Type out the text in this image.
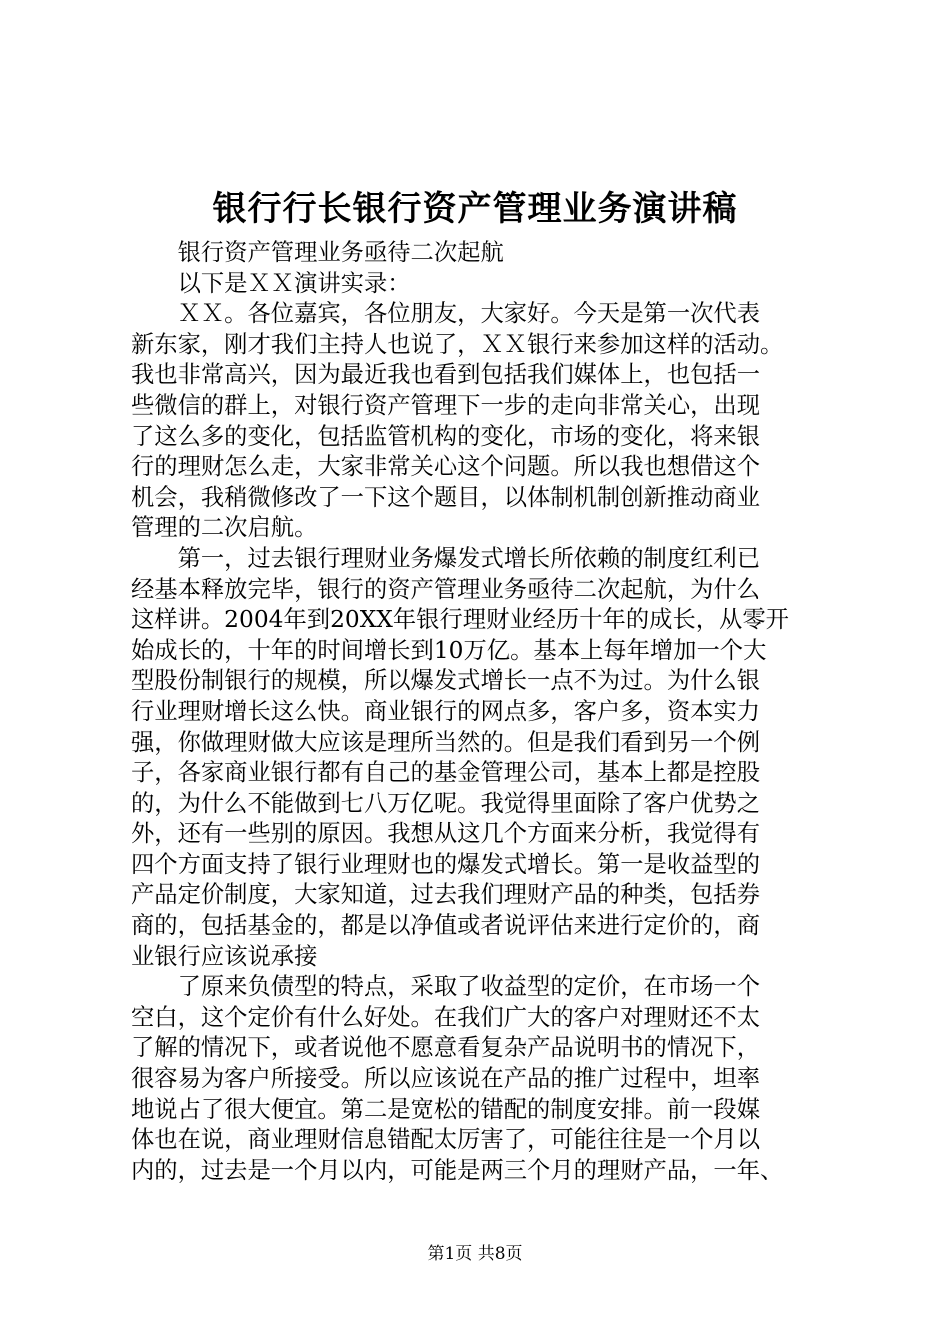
银行行长银行资产管理业务演讲稿
　　银行资产管理业务亟待二次起航
　　以下是ＸＸ演讲实录：
　　ＸＸ。各位嘉宾，各位朋友，大家好。今天是第一次代表
新东家，刚才我们主持人也说了，ＸＸ银行来参加这样的活动。
我也非常高兴，因为最近我也看到包括我们媒体上，也包括一
些微信的群上，对银行资产管理下一步的走向非常关心，出现
了这么多的变化，包括监管机构的变化，市场的变化，将来银
行的理财怎么走，大家非常关心这个问题。所以我也想借这个
机会，我稍微修改了一下这个题目，以体制机制创新推动商业
管理的二次启航。
　　第一，过去银行理财业务爆发式增长所依赖的制度红利已
经基本释放完毕，银行的资产管理业务亟待二次起航，为什么
这样讲。2004年到20XX年银行理财业经历十年的成长，从零开
始成长的，十年的时间增长到10万亿。基本上每年增加一个大
型股份制银行的规模，所以爆发式增长一点不为过。为什么银
行业理财增长这么快。商业银行的网点多，客户多，资本实力
强，你做理财做大应该是理所当然的。但是我们看到另一个例
子，各家商业银行都有自己的基金管理公司，基本上都是控股
的，为什么不能做到七八万亿呢。我觉得里面除了客户优势之
外，还有一些别的原因。我想从这几个方面来分析，我觉得有
四个方面支持了银行业理财也的爆发式增长。第一是收益型的
产品定价制度，大家知道，过去我们理财产品的种类，包括券
商的，包括基金的，都是以净值或者说评估来进行定价的，商
业银行应该说承接
　　了原来负债型的特点，采取了收益型的定价，在市场一个
空白，这个定价有什么好处。在我们广大的客户对理财还不太
了解的情况下，或者说他不愿意看复杂产品说明书的情况下，
很容易为客户所接受。所以应该说在产品的推广过程中，坦率
地说占了很大便宜。第二是宽松的错配的制度安排。前一段媒
体也在说，商业理财信息错配太厉害了，可能往往是一个月以
内的，过去是一个月以内，可能是两三个月的理财产品，一年、
第1页 共8页
